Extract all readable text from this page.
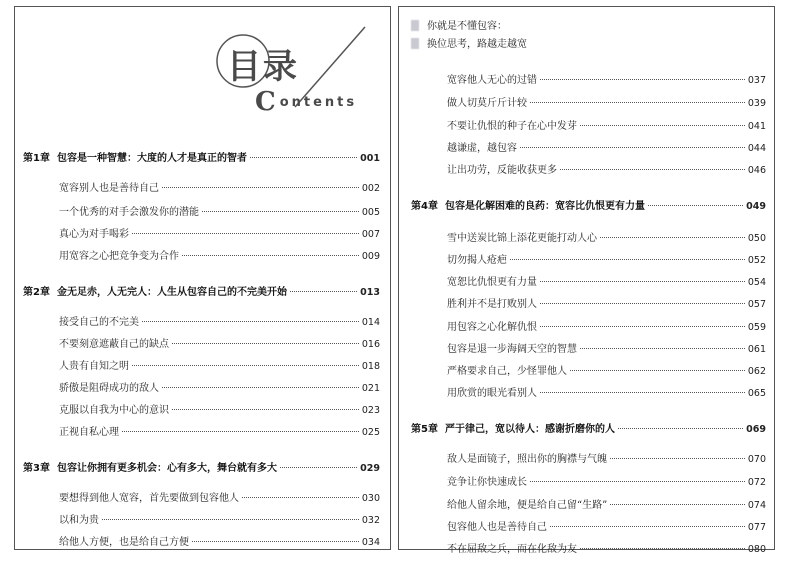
目录
Contents
第1章 包容是一种智慧：大度的人才是真正的智者	001
宽容别人也是善待自己	002
一个优秀的对手会激发你的潜能	005
真心为对手喝彩	007
用宽容之心把竞争变为合作	009
第2章 金无足赤，人无完人：人生从包容自己的不完美开始	013
接受自己的不完美	014
不要刻意遮蔽自己的缺点	016
人贵有自知之明	018
骄傲是阻碍成功的敌人	021
克服以自我为中心的意识	023
正视自私心理	025
第3章 包容让你拥有更多机会：心有多大，舞台就有多大	029
要想得到他人宽容，首先要做到包容他人	030
以和为贵	032
给他人方便，也是给自己方便	034
你就是不懂包容：
换位思考，路越走越宽
宽容他人无心的过错	037
做人切莫斤斤计较	039
不要让仇恨的种子在心中发芽	041
越谦虚，越包容	044
让出功劳，反能收获更多	046
第4章 包容是化解困难的良药：宽容比仇恨更有力量	049
雪中送炭比锦上添花更能打动人心	050
切勿揭人疮疤	052
宽恕比仇恨更有力量	054
胜利并不是打败别人	057
用包容之心化解仇恨	059
包容是退一步海阔天空的智慧	061
严格要求自己，少怪罪他人	062
用欣赏的眼光看别人	065
第5章 严于律己，宽以待人：感谢折磨你的人	069
敌人是面镜子，照出你的胸襟与气魄	070
竞争让你快速成长	072
给他人留余地，便是给自己留“生路”	074
包容他人也是善待自己	077
不在屈敌之兵，而在化敌为友	080
